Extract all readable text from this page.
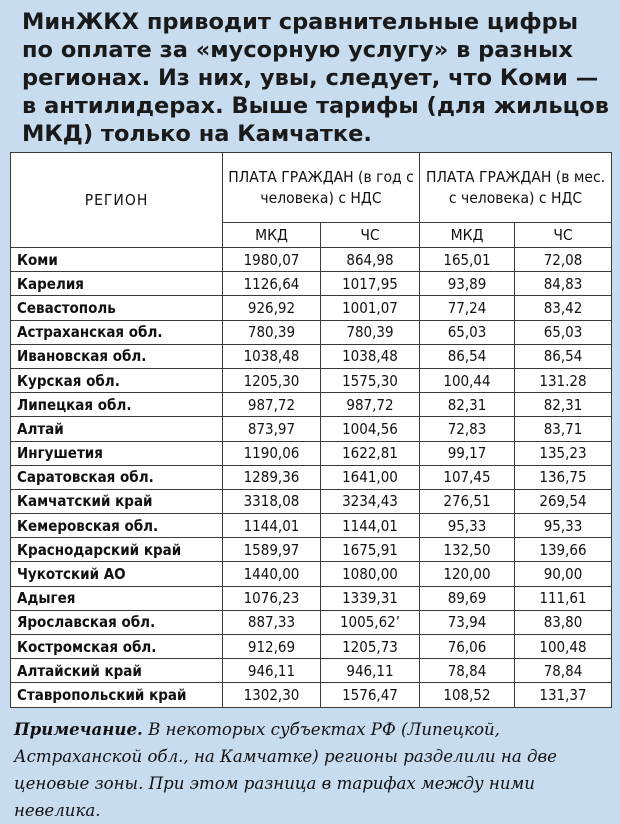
МинЖКХ приводит сравнительные цифры по оплате за «мусорную услугу» в разных регионах. Из них, увы, следует, что Коми — в антилидерах. Выше тарифы (для жильцов МКД) только на Камчатке.
РЕГИОН	ПЛАТА ГРАЖДАН (в год с человека) с НДС		ПЛАТА ГРАЖДАН (в мес. с человека) с НДС	
	МКД	ЧС	МКД	ЧС
Коми	1980,07	864,98	165,01	72,08
Карелия	1126,64	1017,95	93,89	84,83
Севастополь	926,92	1001,07	77,24	83,42
Астраханская обл.	780,39	780,39	65,03	65,03
Ивановская обл.	1038,48	1038,48	86,54	86,54
Курская обл.	1205,30	1575,30	100,44	131.28
Липецкая обл.	987,72	987,72	82,31	82,31
Алтай	873,97	1004,56	72,83	83,71
Ингушетия	1190,06	1622,81	99,17	135,23
Саратовская обл.	1289,36	1641,00	107,45	136,75
Камчатский край	3318,08	3234,43	276,51	269,54
Кемеровская обл.	1144,01	1144,01	95,33	95,33
Краснодарский край	1589,97	1675,91	132,50	139,66
Чукотский АО	1440,00	1080,00	120,00	90,00
Адыгея	1076,23	1339,31	89,69	111,61
Ярославская обл.	887,33	1005,62’	73,94	83,80
Костромская обл.	912,69	1205,73	76,06	100,48
Алтайский край	946,11	946,11	78,84	78,84
Ставропольский край	1302,30	1576,47	108,52	131,37
Примечание. В некоторых субъектах РФ (Липецкой, Астраханской обл., на Камчатке) регионы разделили на две ценовые зоны. При этом разница в тарифах между ними невелика.
